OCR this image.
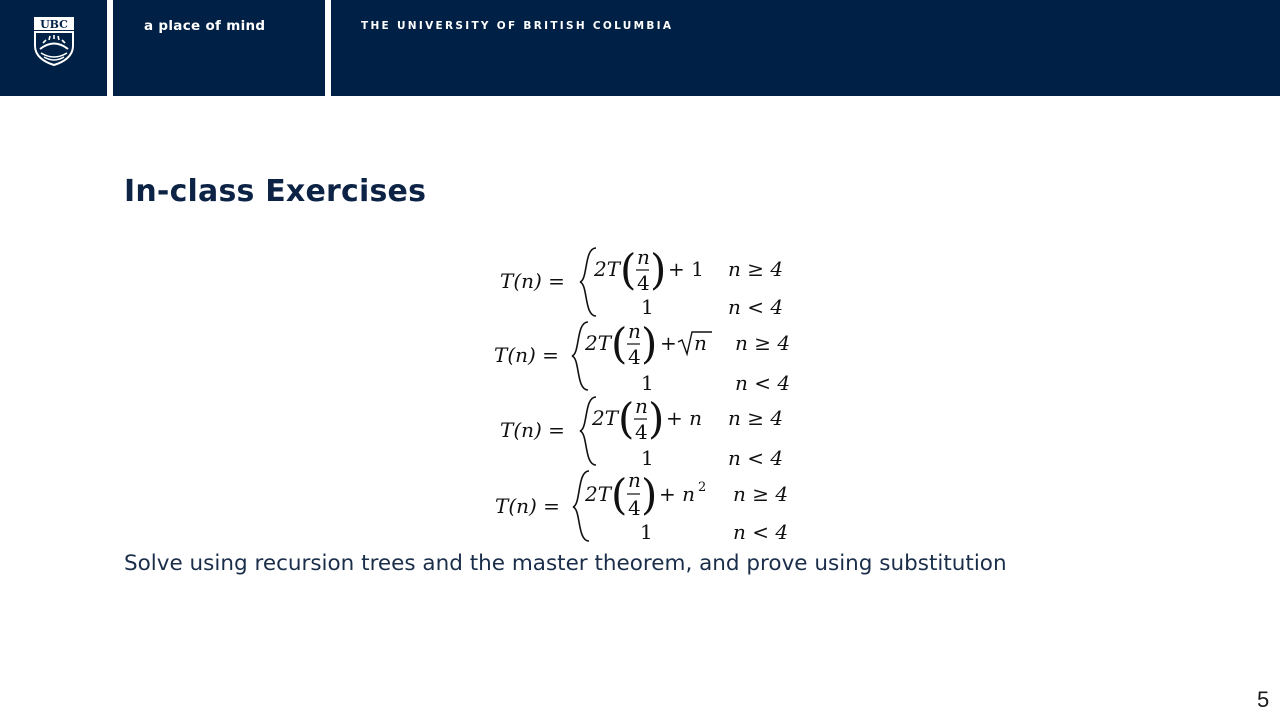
UBC	a place of mind	THE UNIVERSITY OF BRITISH COLUMBIA
In-class Exercises
T(n) = 2T ( n
4 ) + 1 n ≥ 4
1	n < 4
T(n) = 2T ( n
4 ) + n n ≥ 4
1	n < 4
T(n) = 2T ( n
4 ) + n n ≥ 4
1	n < 4
T(n) = 2T ( n
4 ) + n 2 n ≥ 4
1	n < 4

Solve using recursion trees and the master theorem, and prove using substitution

5
